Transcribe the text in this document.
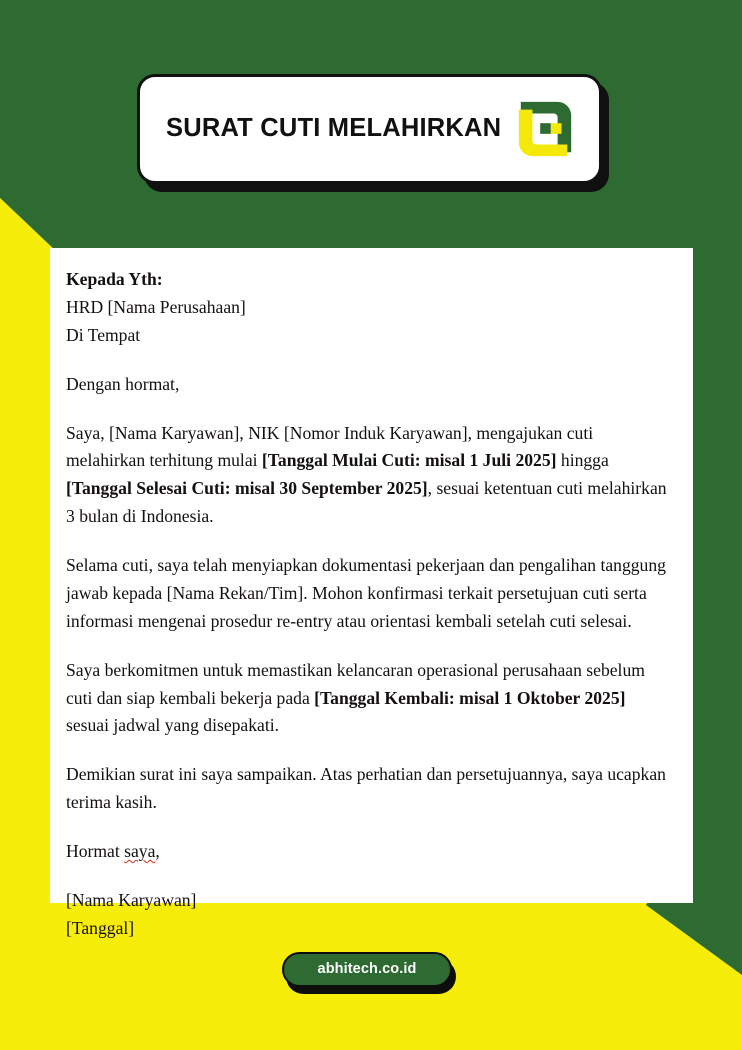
SURAT CUTI MELAHIRKAN

Kepada Yth:

HRD [Nama Perusahaan]

Di Tempat

Dengan hormat,

Saya, [Nama Karyawan], NIK [Nomor Induk Karyawan], mengajukan cuti melahirkan terhitung mulai [Tanggal Mulai Cuti: misal 1 Juli 2025] hingga [Tanggal Selesai Cuti: misal 30 September 2025], sesuai ketentuan cuti melahirkan 3 bulan di Indonesia.

Selama cuti, saya telah menyiapkan dokumentasi pekerjaan dan pengalihan tanggung jawab kepada [Nama Rekan/Tim]. Mohon konfirmasi terkait persetujuan cuti serta informasi mengenai prosedur re-entry atau orientasi kembali setelah cuti selesai.

Saya berkomitmen untuk memastikan kelancaran operasional perusahaan sebelum cuti dan siap kembali bekerja pada [Tanggal Kembali: misal 1 Oktober 2025] sesuai jadwal yang disepakati.

Demikian surat ini saya sampaikan. Atas perhatian dan persetujuannya, saya ucapkan terima kasih.

Hormat saya,

[Nama Karyawan]

[Tanggal]

abhitech.co.id
